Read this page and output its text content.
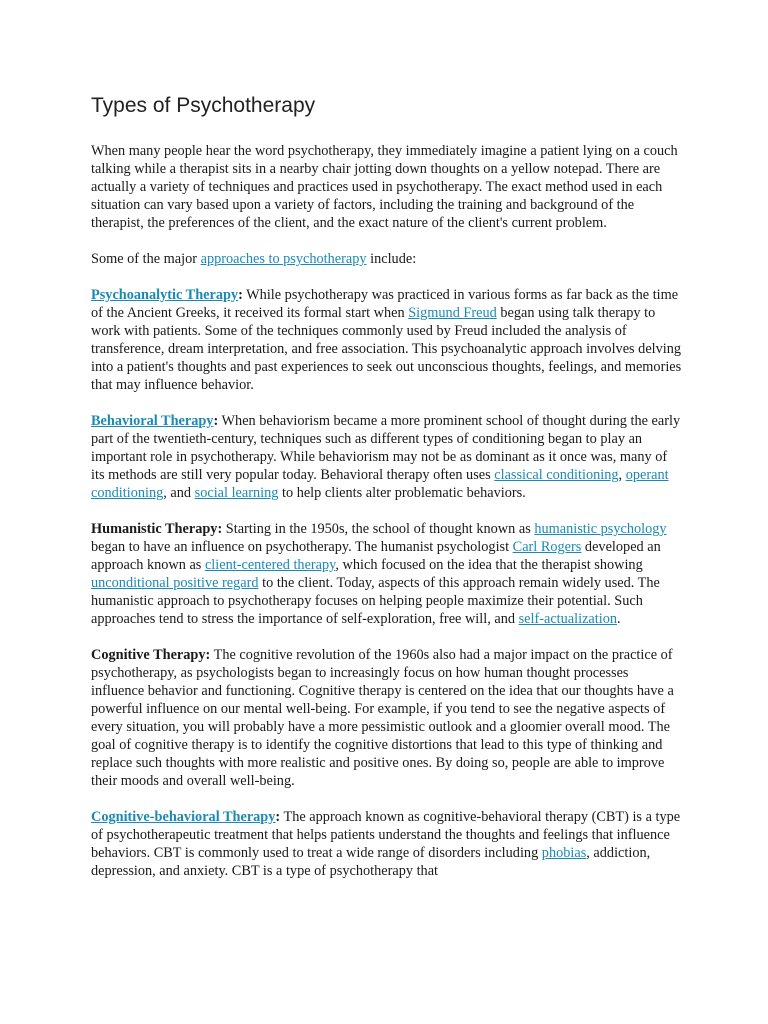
Types of Psychotherapy

When many people hear the word psychotherapy, they immediately imagine a patient lying on a couch talking while a therapist sits in a nearby chair jotting down thoughts on a yellow notepad. There are actually a variety of techniques and practices used in psychotherapy. The exact method used in each situation can vary based upon a variety of factors, including the training and background of the therapist, the preferences of the client, and the exact nature of the client's current problem.

Some of the major approaches to psychotherapy include:

Psychoanalytic Therapy: While psychotherapy was practiced in various forms as far back as the time of the Ancient Greeks, it received its formal start when Sigmund Freud began using talk therapy to work with patients. Some of the techniques commonly used by Freud included the analysis of transference, dream interpretation, and free association. This psychoanalytic approach involves delving into a patient's thoughts and past experiences to seek out unconscious thoughts, feelings, and memories that may influence behavior.

Behavioral Therapy: When behaviorism became a more prominent school of thought during the early part of the twentieth-century, techniques such as different types of conditioning began to play an important role in psychotherapy. While behaviorism may not be as dominant as it once was, many of its methods are still very popular today. Behavioral therapy often uses classical conditioning, operant conditioning, and social learning to help clients alter problematic behaviors.

Humanistic Therapy: Starting in the 1950s, the school of thought known as humanistic psychology began to have an influence on psychotherapy. The humanist psychologist Carl Rogers developed an approach known as client-centered therapy, which focused on the idea that the therapist showing unconditional positive regard to the client. Today, aspects of this approach remain widely used. The humanistic approach to psychotherapy focuses on helping people maximize their potential. Such approaches tend to stress the importance of self-exploration, free will, and self-actualization.

Cognitive Therapy: The cognitive revolution of the 1960s also had a major impact on the practice of psychotherapy, as psychologists began to increasingly focus on how human thought processes influence behavior and functioning. Cognitive therapy is centered on the idea that our thoughts have a powerful influence on our mental well-being. For example, if you tend to see the negative aspects of every situation, you will probably have a more pessimistic outlook and a gloomier overall mood. The goal of cognitive therapy is to identify the cognitive distortions that lead to this type of thinking and replace such thoughts with more realistic and positive ones. By doing so, people are able to improve their moods and overall well-being.

Cognitive-behavioral Therapy: The approach known as cognitive-behavioral therapy (CBT) is a type of psychotherapeutic treatment that helps patients understand the thoughts and feelings that influence behaviors. CBT is commonly used to treat a wide range of disorders including phobias, addiction, depression, and anxiety. CBT is a type of psychotherapy that
